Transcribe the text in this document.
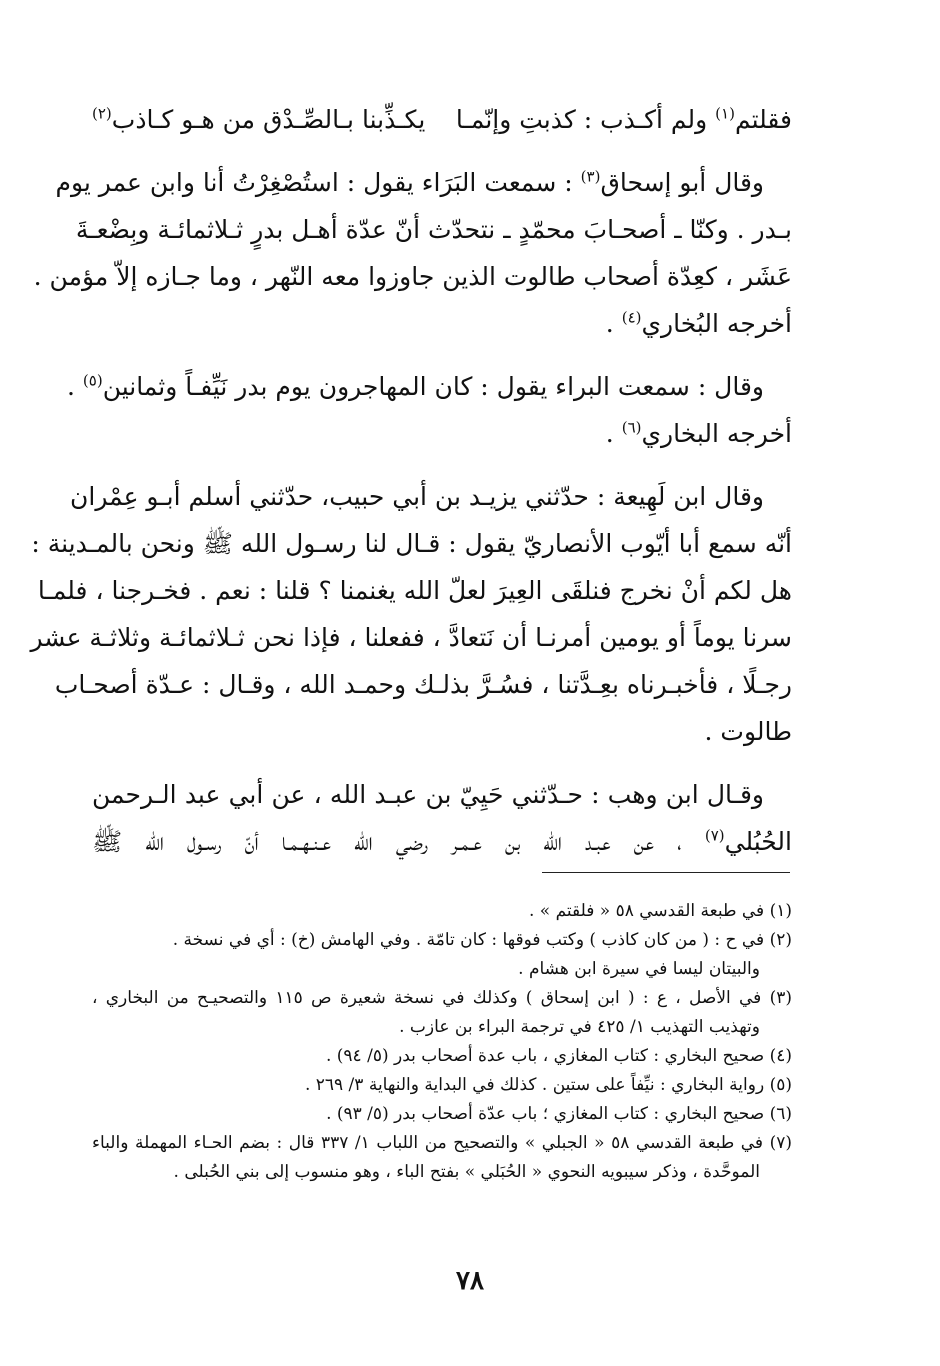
فقلتم$^{(١)}$ ولم أكـذب : كذبتِ وإنّمـا
يكـذِّبنا بـالصِّـدْق من هـو كـاذب$^{(٢)}$
وقال أبو إسحاق$^{(٣)}$ : سمعت البَرَاء يقول : استُصْغِرْتُ أنا وابن عمر يوم
بـدر . وكنّا ـ أصحـابَ محمّدٍ ـ نتحدّث أنّ عدّة أهـل بدرٍ ثـلاثمائـة وبِضْعـةَ
عَشَر ، كعِدّة أصحاب طالوت الذين جاوزوا معه النّهر ، وما جـازه إلاّ مؤمن .
أخرجه البُخاري$^{(٤)}$ .
وقال : سمعت البراء يقول : كان المهاجرون يوم بدر نَيِّفـاً وثمانين$^{(٥)}$ .
أخرجه البخاري$^{(٦)}$ .
وقال ابن لَهِيعة : حدّثني يزيـد بن أبي حبيب، حدّثني أسلم أبـو عِمْران
أنّه سمع أبا أيّوب الأنصاريّ يقول : قـال لنا رسـول الله ﷺ ونحن بالمـدينة :
هل لكم أنْ نخرج فنلقَى العِيرَ لعلّ الله يغنمنا ؟ قلنا : نعم . فخـرجنا ، فلمـا
سرنا يوماً أو يومين أمرنـا أن نَتعادَّ ، ففعلنا ، فإذا نحن ثـلاثمائـة وثلاثـة عشر
رجـلًا ، فأخبـرناه بعِـدَّتنا ، فسُـرَّ بذلـك وحمـد الله ، وقـال : عـدّة أصحـاب
طالوت .
وقـال ابن وهب : حـدّثني حَيِيّ بن عبـد الله ، عن أبي عبد الـرحمن
الحُبُلي$^{(٧)}$ ، عن عبـد الله بن عـمـر رضي الله عـنـهـمـا أنّ رسـول الله ﷺ
(١) في طبعة القدسي ٥٨ « فلقتم » .
(٢) في ح : ( من كان كاذب ) وكتب فوقها : كان تامّة . وفي الهامش (خ) : أي في نسخة .
والبيتان ليسا في سيرة ابن هشام .
(٣) في الأصل ، ع : ( ابن إسحاق ) وكذلك في نسخة شعيرة ص ١١٥ والتصحيـح من البخاري ،
وتهذيب التهذيب ١/ ٤٢٥ في ترجمة البراء بن عازب .
(٤) صحيح البخاري : كتاب المغازي ، باب عدة أصحاب بدر (٥/ ٩٤) .
(٥) رواية البخاري : نيِّفاً على ستين . كذلك في البداية والنهاية ٣/ ٢٦٩ .
(٦) صحيح البخاري : كتاب المغازي ؛ باب عدّة أصحاب بدر (٥/ ٩٣) .
(٧) في طبعة القدسي ٥٨ « الجبلي » والتصحيح من اللباب ١/ ٣٣٧ قال : بضم الحـاء المهملة والباء
الموحَّدة ، وذكر سيبويه النحوي « الحُبَلي » بفتح الباء ، وهو منسوب إلى بني الحُبلى .
٧٨
